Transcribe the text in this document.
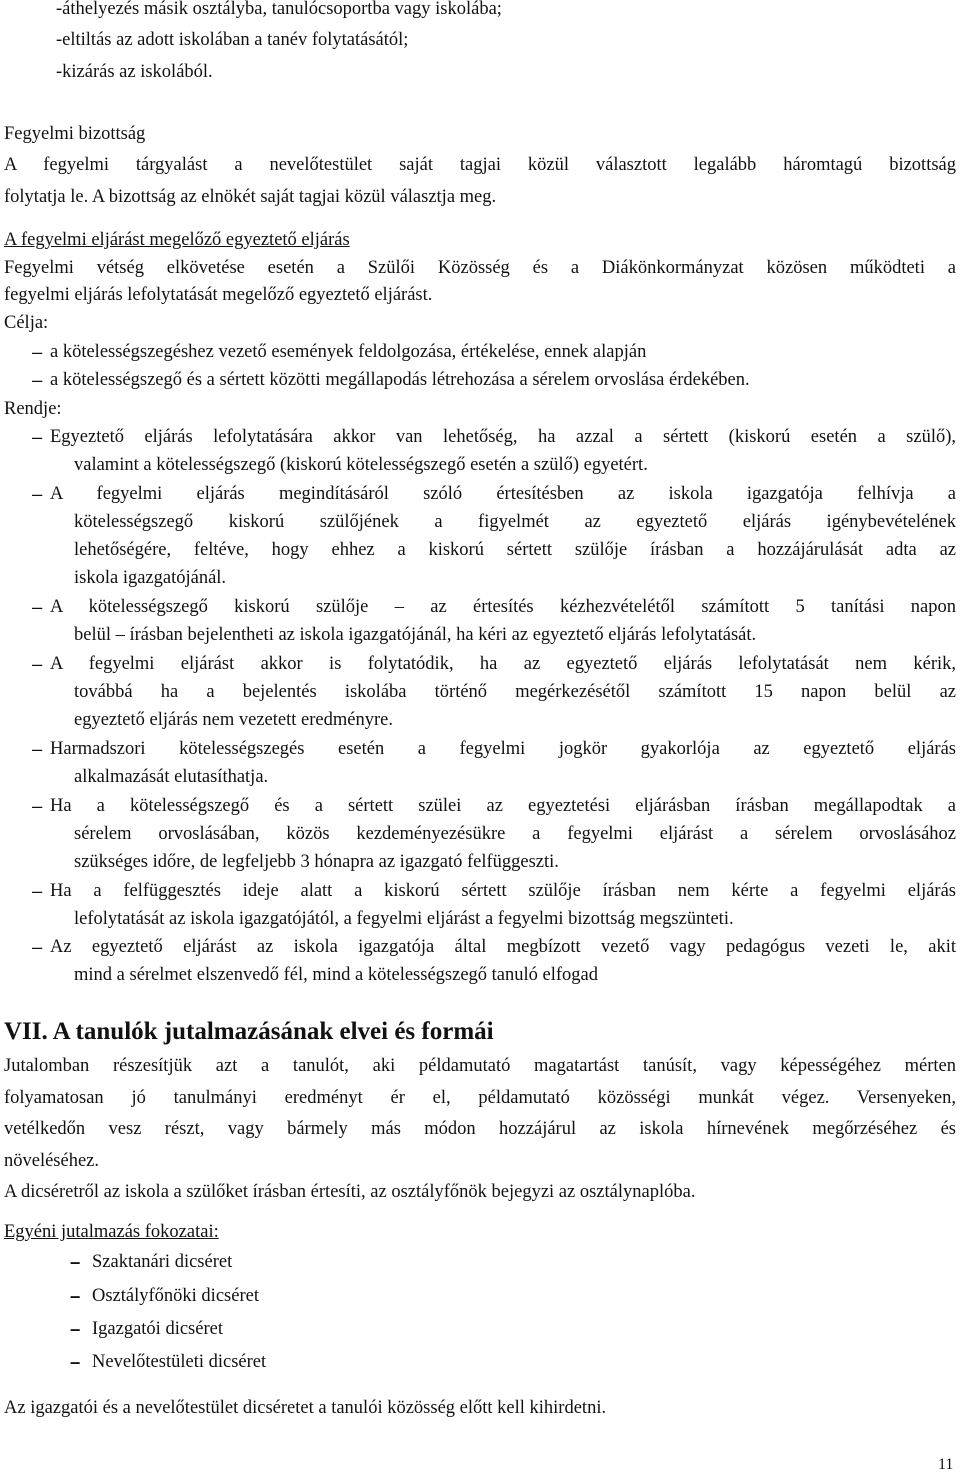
-áthelyezés másik osztályba, tanulócsoportba vagy iskolába;
-eltiltás az adott iskolában a tanév folytatásától;
-kizárás az iskolából.
Fegyelmi bizottság
A fegyelmi tárgyalást a nevelőtestület saját tagjai közül választott legalább háromtagú bizottság
folytatja le. A bizottság az elnökét saját tagjai közül választja meg.
A fegyelmi eljárást megelőző egyeztető eljárás
Fegyelmi vétség elkövetése esetén a Szülői Közösség és a Diákönkormányzat közösen működteti a
fegyelmi eljárás lefolytatását megelőző egyeztető eljárást.
Célja:
– a kötelességszegéshez vezető események feldolgozása, értékelése, ennek alapján
– a kötelességszegő és a sértett közötti megállapodás létrehozása a sérelem orvoslása érdekében.
Rendje:
– Egyeztető eljárás lefolytatására akkor van lehetőség, ha azzal a sértett (kiskorú esetén a szülő),
valamint a kötelességszegő (kiskorú kötelességszegő esetén a szülő) egyetért.
– A fegyelmi eljárás megindításáról szóló értesítésben az iskola igazgatója felhívja a
kötelességszegő kiskorú szülőjének a figyelmét az egyeztető eljárás igénybevételének
lehetőségére, feltéve, hogy ehhez a kiskorú sértett szülője írásban a hozzájárulását adta az
iskola igazgatójánál.
– A kötelességszegő kiskorú szülője – az értesítés kézhezvételétől számított 5 tanítási napon
belül – írásban bejelentheti az iskola igazgatójánál, ha kéri az egyeztető eljárás lefolytatását.
– A fegyelmi eljárást akkor is folytatódik, ha az egyeztető eljárás lefolytatását nem kérik,
továbbá ha a bejelentés iskolába történő megérkezésétől számított 15 napon belül az
egyeztető eljárás nem vezetett eredményre.
– Harmadszori kötelességszegés esetén a fegyelmi jogkör gyakorlója az egyeztető eljárás
alkalmazását elutasíthatja.
– Ha a kötelességszegő és a sértett szülei az egyeztetési eljárásban írásban megállapodtak a
sérelem orvoslásában, közös kezdeményezésükre a fegyelmi eljárást a sérelem orvoslásához
szükséges időre, de legfeljebb 3 hónapra az igazgató felfüggeszti.
– Ha a felfüggesztés ideje alatt a kiskorú sértett szülője írásban nem kérte a fegyelmi eljárás
lefolytatását az iskola igazgatójától, a fegyelmi eljárást a fegyelmi bizottság megszünteti.
– Az egyeztető eljárást az iskola igazgatója által megbízott vezető vagy pedagógus vezeti le, akit
mind a sérelmet elszenvedő fél, mind a kötelességszegő tanuló elfogad
VII. A tanulók jutalmazásának elvei és formái
Jutalomban részesítjük azt a tanulót, aki példamutató magatartást tanúsít, vagy képességéhez mérten
folyamatosan jó tanulmányi eredményt ér el, példamutató közösségi munkát végez. Versenyeken,
vetélkedőn vesz részt, vagy bármely más módon hozzájárul az iskola hírnevének megőrzéséhez és
növeléséhez.
A dicséretről az iskola a szülőket írásban értesíti, az osztályfőnök bejegyzi az osztálynaplóba.
Egyéni jutalmazás fokozatai:
– Szaktanári dicséret
– Osztályfőnöki dicséret
– Igazgatói dicséret
– Nevelőtestületi dicséret
Az igazgatói és a nevelőtestület dicséretet a tanulói közösség előtt kell kihirdetni.
11
